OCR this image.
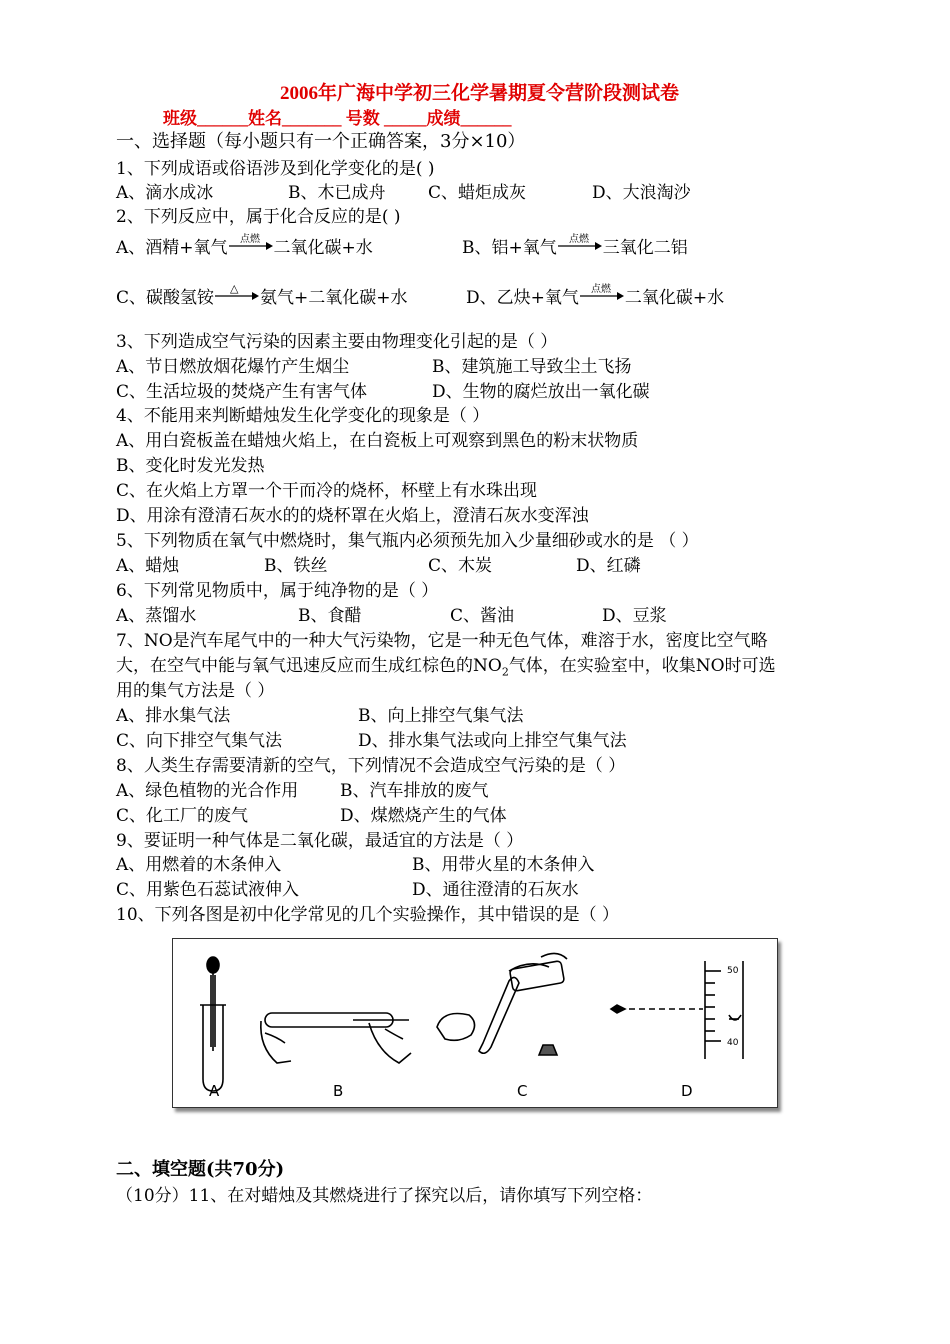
2006年广海中学初三化学暑期夏令营阶段测试卷
班级______姓名_______ 号数 _____成绩______
一、选择题（每小题只有一个正确答案，3分×10）
1、下列成语或俗语涉及到化学变化的是( )
A、滴水成冰	B、木已成舟	C、蜡炬成灰	D、大浪淘沙
2、下列反应中，属于化合反应的是( )
A、酒精+氧气 点燃 二氧化碳+水	B、铝+氧气 点燃 三氧化二铝
C、碳酸氢铵 △ 氨气+二氧化碳+水	D、乙炔+氧气 点燃 二氧化碳+水
3、下列造成空气污染的因素主要由物理变化引起的是（ ）
A、节日燃放烟花爆竹产生烟尘	B、建筑施工导致尘土飞扬
C、生活垃圾的焚烧产生有害气体	D、生物的腐烂放出一氧化碳
4、不能用来判断蜡烛发生化学变化的现象是（ ）
A、用白瓷板盖在蜡烛火焰上，在白瓷板上可观察到黑色的粉末状物质
B、变化时发光发热
C、在火焰上方罩一个干而冷的烧杯，杯壁上有水珠出现
D、用涂有澄清石灰水的的烧杯罩在火焰上，澄清石灰水变浑浊
5、下列物质在氧气中燃烧时，集气瓶内必须预先加入少量细砂或水的是 （ ）
A、蜡烛	B、铁丝	C、木炭	D、红磷
6、下列常见物质中，属于纯净物的是（ ）
A、蒸馏水	B、食醋	C、酱油	D、豆浆
7、NO是汽车尾气中的一种大气污染物，它是一种无色气体，难溶于水，密度比空气略
大，在空气中能与氧气迅速反应而生成红棕色的$NO_2$气体，在实验室中，收集NO时可选
用的集气方法是（ ）
A、排水集气法	B、向上排空气集气法
C、向下排空气集气法	D、排水集气法或向上排空气集气法
8、人类生存需要清新的空气，下列情况不会造成空气污染的是（ ）
A、绿色植物的光合作用 B、汽车排放的废气
C、化工厂的废气	D、煤燃烧产生的气体
9、要证明一种气体是二氧化碳，最适宜的方法是（ ）
A、用燃着的木条伸入	B、用带火星的木条伸入
C、用紫色石蕊试液伸入	D、通往澄清的石灰水
10、下列各图是初中化学常见的几个实验操作，其中错误的是（ ）
50
40
A	B	C	D
二、填空题(共70分)
（10分）11、在对蜡烛及其燃烧进行了探究以后，请你填写下列空格：
